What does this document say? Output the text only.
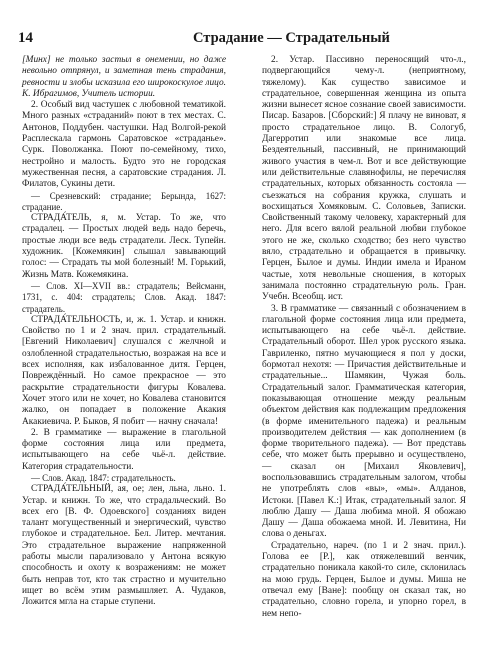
14	Страдание — Страдательный

[Минх] не только застыл в онемении, но даже невольно отпрянул, и заметная тень страдания, ревности и злобы исказила его широкоскулое лицо. К. Ибрагимов, Учитель истории.

2. Особый вид частушек с любовной тематикой. Много разных «страданий» поют в тех местах. С. Антонов, Поддубен. частушки. Над Волгой-рекой Расплескала гармонь Саратовское «страданье». Сурк. Поволжанка. Поют по-семейному, тихо, нестройно и малость. Будто это не городская мужественная песня, а саратовские страдания. Л. Филатов, Сукины дети.

— Срезневский: страдание; Берында, 1627: страдание.

СТРАДА́ТЕЛЬ, я, м. Устар. То же, что страдалец. — Простых людей ведь надо беречь, простые люди все ведь страдатели. Леск. Тупейн. художник. [Кожемякин] слышал завывающий голос: — Страдать ты мой болезный! М. Горький, Жизнь Матв. Кожемякина.

— Слов. XI—XVII вв.: страдатель; Вейсманн, 1731, с. 404: страдатель; Слов. Акад. 1847: страдатель.

СТРАДА́ТЕЛЬНОСТЬ, и, ж. 1. Устар. и книжн. Свойство по 1 и 2 знач. прил. страдательный. [Евгений Николаевич] слушался с желчной и озлобленной страдательностью, возражая на все и всех исполняя, как избалованное дитя. Герцен, Повреждённый. Но самое прекрасное — это раскрытие страдательности фигуры Ковалева. Хочет этого или не хочет, но Ковалева становится жалко, он попадает в положение Акакия Акакиевича. Р. Быков, Я побит — начну сначала!

2. В грамматике — выражение в глагольной форме состояния лица или предмета, испытывающего на себе чьё-л. действие. Категория страдательности.

— Слов. Акад. 1847: страдательность.

СТРАДА́ТЕЛЬНЫЙ, ая, ое; лен, льна, льно. 1. Устар. и книжн. То же, что страдальческий. Во всех его [В. Ф. Одоевского] созданиях виден талант могущественный и энергический, чувство глубокое и страдательное. Бел. Литер. мечтания. Это страдательное выражение напряженной работы мысли парализовало у Антона всякую способность и охоту к возражениям: не может быть неправ тот, кто так страстно и мучительно ищет во всём этим размышляет. А. Чудаков, Ложится мгла на старые ступени.

2. Устар. Пассивно переносящий что-л., подвергающийся чему-л. (неприятному, тяжелому). Как существо зависимое и страдательное, совершенная женщина из опыта жизни вынесет ясное сознание своей зависимости. Писар. Базаров. [Сборский:] Я плачу не виноват, я просто страдательное лицо. В. Сологуб, Дагерротип или знакомые все лица. Бездеятельный, пассивный, не принимающий живого участия в чем-л. Вот и все действующие или действительные славянофилы, не перечисляя страдательных, которых обязанность состояла — съезжаться на собрания кружка, слушать и восхищаться Хомяковым. С. Соловьев, Записки. Свойственный такому человеку, характерный для него. Для всего вялой реальной любви глубокое этого не же, сколько сходство; без него чувство вяло, страдательно и обращается в привычку. Герцен, Былое и думы. Индии имела и Ираном частые, хотя невольные сношения, в которых занимала постоянно страдательную роль. Гран. Учебн. Всеобщ. ист.

3. В грамматике — связанный с обозначением в глагольной форме состояния лица или предмета, испытывающего на себе чьё-л. действие. Страдательный оборот. Шел урок русского языка. Гавриленко, пятно мучающиеся я пол у доски, бормотал нехотя: — Причастия действительные и страдательные... Шамякин, Чужая боль. Страдательный залог. Грамматическая категория, показывающая отношение между реальным объектом действия как подлежащим предложения (в форме именительного падежа) и реальным производителем действия — как дополнением (в форме творительного падежа). — Вот представь себе, что может быть прерывно и осуществлено, — сказал он [Михаил Яковлевич], воспользовавшись страдательным залогом, чтобы не употреблять слов «вы», «мы». Алданов, Истоки. [Павел К.:] Итак, страдательный залог. Я люблю Дашу — Даша любима мной. Я обожаю Дашу — Даша обожаема мной. И. Левитина, Ни слова о деньгах.

Страдательно, нареч. (по 1 и 2 знач. прил.). Голова ее [Р.], как отяжелевший венчик, страдательно поникала какой-то силе, склонилась на мою грудь. Герцен, Былое и думы. Миша не отвечал ему [Ване]: пообщу он сказал так, но страдательно, словно горела, и упорно горел, в нем непо-
